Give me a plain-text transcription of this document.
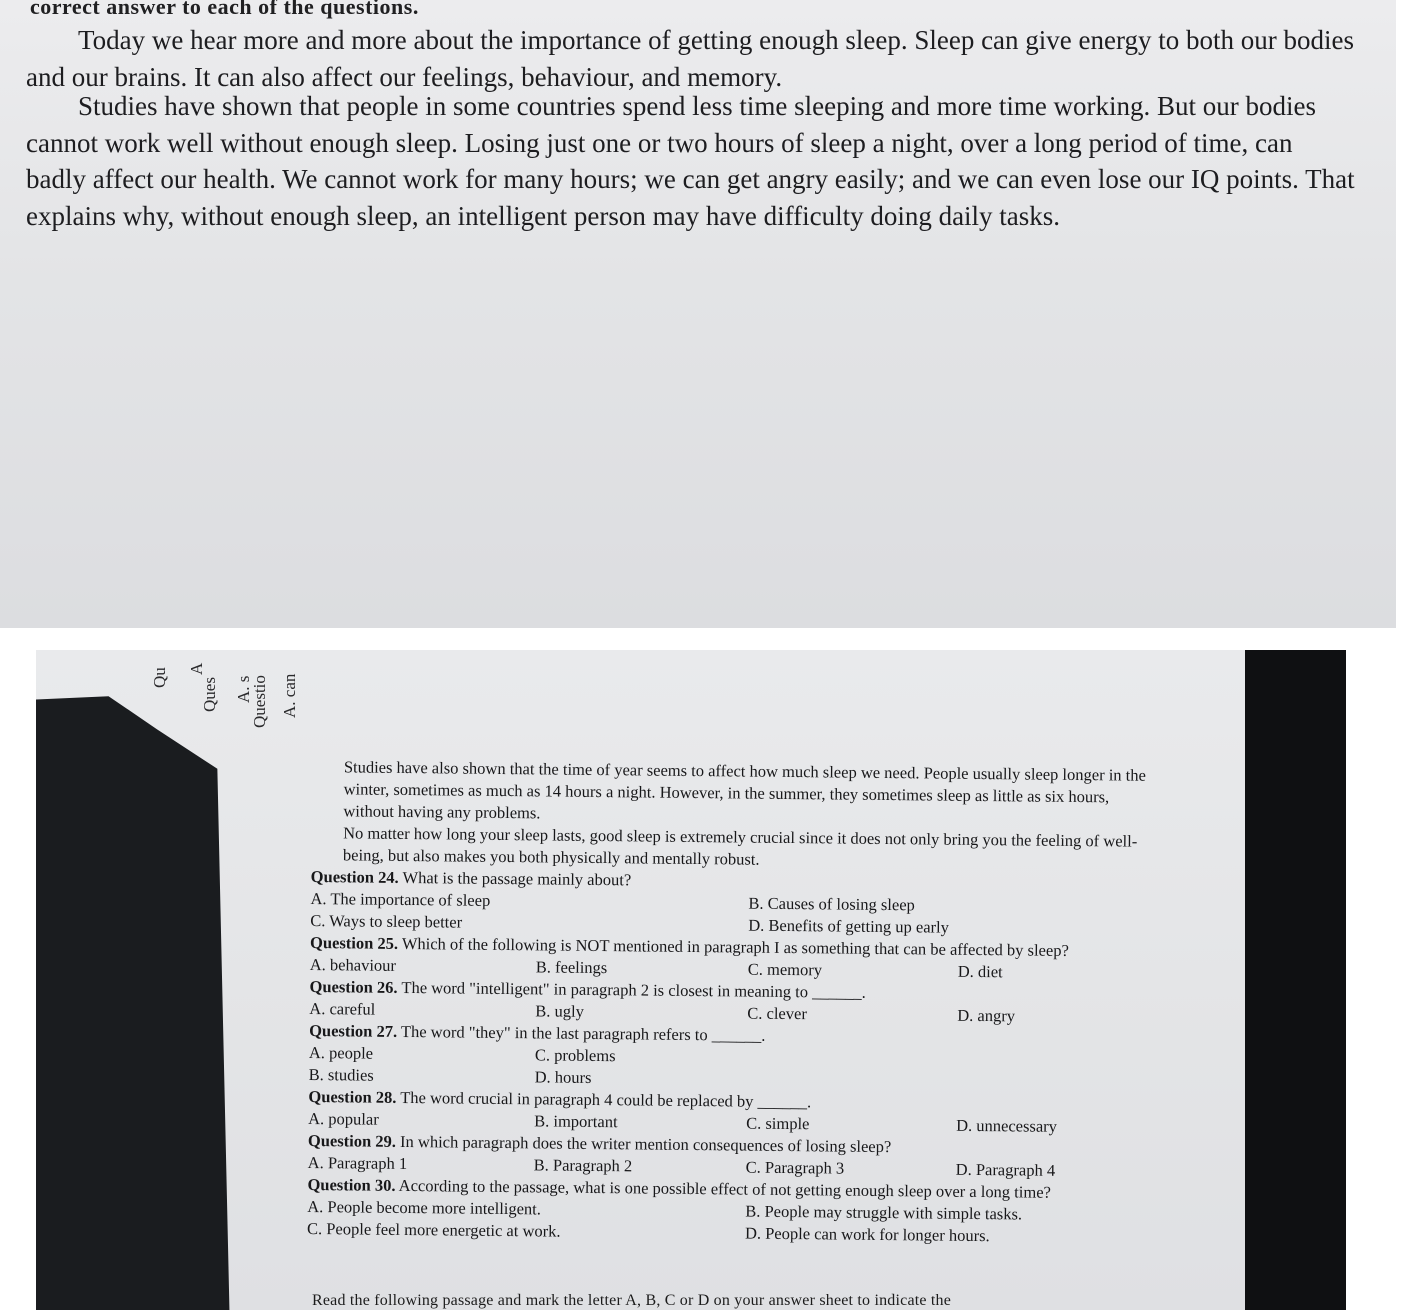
correct answer to each of the questions.
Today we hear more and more about the importance of getting enough sleep. Sleep can give energy to both our bodies and our brains. It can also affect our feelings, behaviour, and memory.
Studies have shown that people in some countries spend less time sleeping and more time working. But our bodies cannot work well without enough sleep. Losing just one or two hours of sleep a night, over a long period of time, can badly affect our health. We cannot work for many hours; we can get angry easily; and we can even lose our IQ points. That explains why, without enough sleep, an intelligent person may have difficulty doing daily tasks.
Qu A
Ques A. s
Questio A. can

Studies have also shown that the time of year seems to affect how much sleep we need. People usually sleep longer in the winter, sometimes as much as 14 hours a night. However, in the summer, they sometimes sleep as little as six hours, without having any problems.

No matter how long your sleep lasts, good sleep is extremely crucial since it does not only bring you the feeling of well-being, but also makes you both physically and mentally robust.

Question 24. What is the passage mainly about?

A. The importance of sleep	B. Causes of losing sleep
C. Ways to sleep better	D. Benefits of getting up early

Question 25. Which of the following is NOT mentioned in paragraph I as something that can be affected by sleep?

A. behaviour	B. feelings	C. memory	D. diet

Question 26. The word "intelligent" in paragraph 2 is closest in meaning to ______.

A. careful	B. ugly	C. clever	D. angry

Question 27. The word "they" in the last paragraph refers to ______.

A. people	C. problems
B. studies	D. hours

Question 28. The word crucial in paragraph 4 could be replaced by ______.

A. popular	B. important	C. simple	D. unnecessary

Question 29. In which paragraph does the writer mention consequences of losing sleep?

A. Paragraph 1	B. Paragraph 2	C. Paragraph 3	D. Paragraph 4

Question 30. According to the passage, what is one possible effect of not getting enough sleep over a long time?

A. People become more intelligent.	B. People may struggle with simple tasks.
C. People feel more energetic at work.	D. People can work for longer hours.
Read the following passage and mark the letter A, B, C or D on your answer sheet to indicate the
